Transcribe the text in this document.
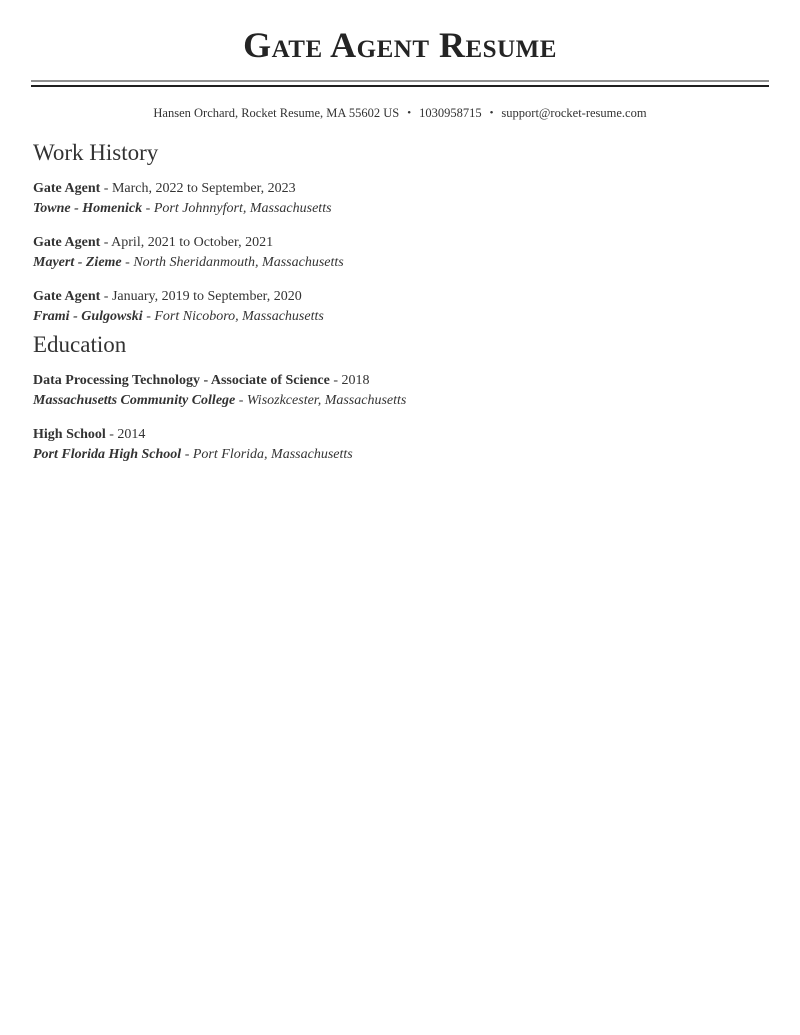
Gate Agent Resume
Hansen Orchard, Rocket Resume, MA 55602 US • 1030958715 • support@rocket-resume.com
Work History
Gate Agent - March, 2022 to September, 2023
Towne - Homenick - Port Johnnyfort, Massachusetts
Gate Agent - April, 2021 to October, 2021
Mayert - Zieme - North Sheridanmouth, Massachusetts
Gate Agent - January, 2019 to September, 2020
Frami - Gulgowski - Fort Nicoboro, Massachusetts
Education
Data Processing Technology - Associate of Science - 2018
Massachusetts Community College - Wisozkcester, Massachusetts
High School - 2014
Port Florida High School - Port Florida, Massachusetts
